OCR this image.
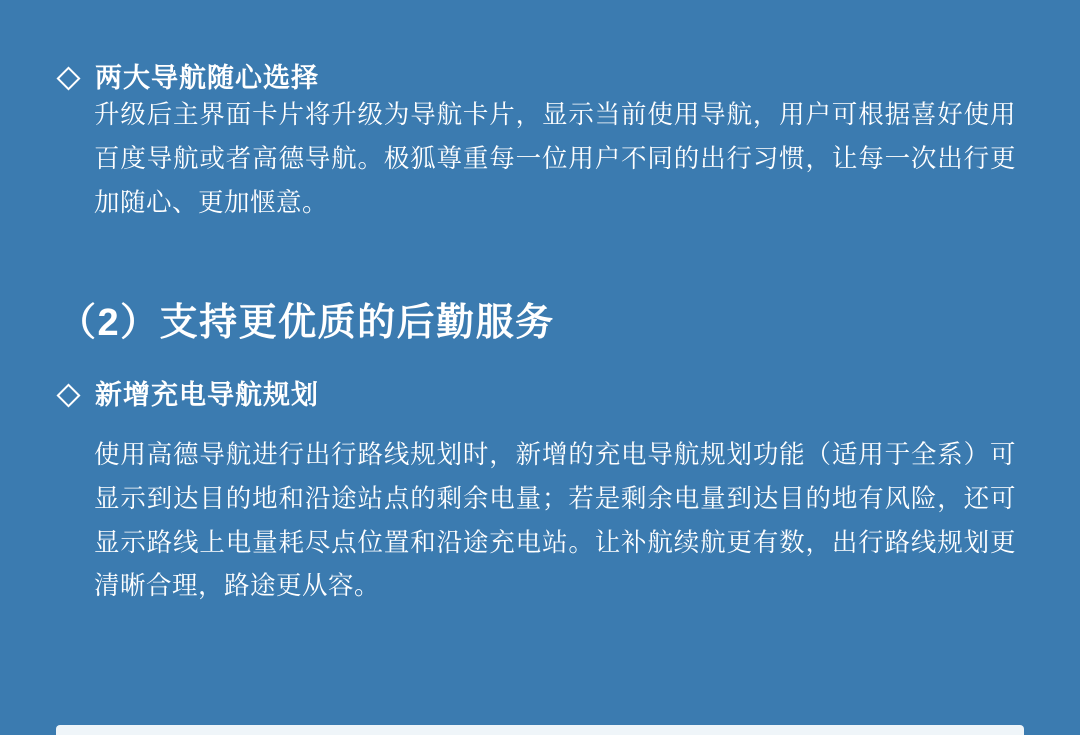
两大导航随心选择

升级后主界面卡片将升级为导航卡片，显示当前使用导航，用户可根据喜好使用百度导航或者高德导航。极狐尊重每一位用户不同的出行习惯，让每一次出行更加随心、更加惬意。

（2）支持更优质的后勤服务
新增充电导航规划

使用高德导航进行出行路线规划时，新增的充电导航规划功能（适用于全系）可显示到达目的地和沿途站点的剩余电量；若是剩余电量到达目的地有风险，还可显示路线上电量耗尽点位置和沿途充电站。让补航续航更有数，出行路线规划更清晰合理，路途更从容。
